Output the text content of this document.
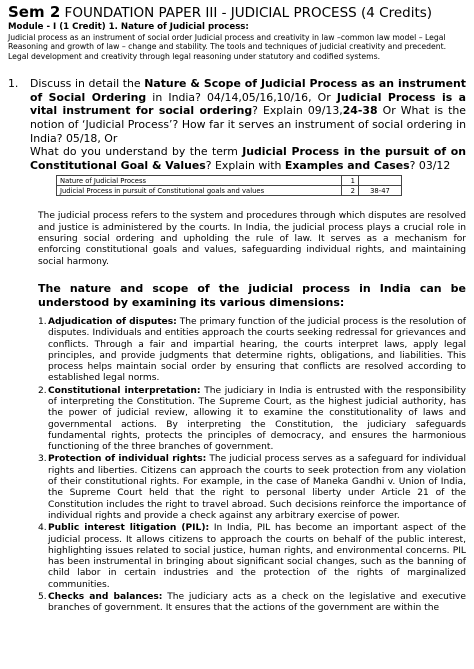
Sem 2 FOUNDATION PAPER III - JUDICIAL PROCESS (4 Credits)
Module - I (1 Credit) 1. Nature of Judicial process:
Judicial process as an instrument of social order Judicial process and creativity in law –common law model – Legal Reasoning and growth of law – change and stability. The tools and techniques of judicial creativity and precedent. Legal development and creativity through legal reasoning under statutory and codified systems.
1.	Discuss in detail the Nature & Scope of Judicial Process as an instrument of Social Ordering in India? 04/14,05/16,10/16, Or Judicial Process is a vital instrument for social ordering? Explain 09/13,24-38 Or What is the notion of ‘Judicial Process’? How far it serves an instrument of social ordering in India? 05/18, Or
What do you understand by the term Judicial Process in the pursuit of on Constitutional Goal & Values? Explain with Examples and Cases? 03/12
Nature of Judicial Process	1	
Judicial Process in pursuit of Constitutional goals and values	2	38-47
The judicial process refers to the system and procedures through which disputes are resolved and justice is administered by the courts. In India, the judicial process plays a crucial role in ensuring social ordering and upholding the rule of law. It serves as a mechanism for enforcing constitutional goals and values, safeguarding individual rights, and maintaining social harmony.
The nature and scope of the judicial process in India can be understood by examining its various dimensions:
1. Adjudication of disputes: The primary function of the judicial process is the resolution of disputes. Individuals and entities approach the courts seeking redressal for grievances and conflicts. Through a fair and impartial hearing, the courts interpret laws, apply legal principles, and provide judgments that determine rights, obligations, and liabilities. This process helps maintain social order by ensuring that conflicts are resolved according to established legal norms.
2. Constitutional interpretation: The judiciary in India is entrusted with the responsibility of interpreting the Constitution. The Supreme Court, as the highest judicial authority, has the power of judicial review, allowing it to examine the constitutionality of laws and governmental actions. By interpreting the Constitution, the judiciary safeguards fundamental rights, protects the principles of democracy, and ensures the harmonious functioning of the three branches of government.
3. Protection of individual rights: The judicial process serves as a safeguard for individual rights and liberties. Citizens can approach the courts to seek protection from any violation of their constitutional rights. For example, in the case of Maneka Gandhi v. Union of India, the Supreme Court held that the right to personal liberty under Article 21 of the Constitution includes the right to travel abroad. Such decisions reinforce the importance of individual rights and provide a check against any arbitrary exercise of power.
4. Public interest litigation (PIL): In India, PIL has become an important aspect of the judicial process. It allows citizens to approach the courts on behalf of the public interest, highlighting issues related to social justice, human rights, and environmental concerns. PIL has been instrumental in bringing about significant social changes, such as the banning of child labor in certain industries and the protection of the rights of marginalized communities.
5. Checks and balances: The judiciary acts as a check on the legislative and executive branches of government. It ensures that the actions of the government are within the
